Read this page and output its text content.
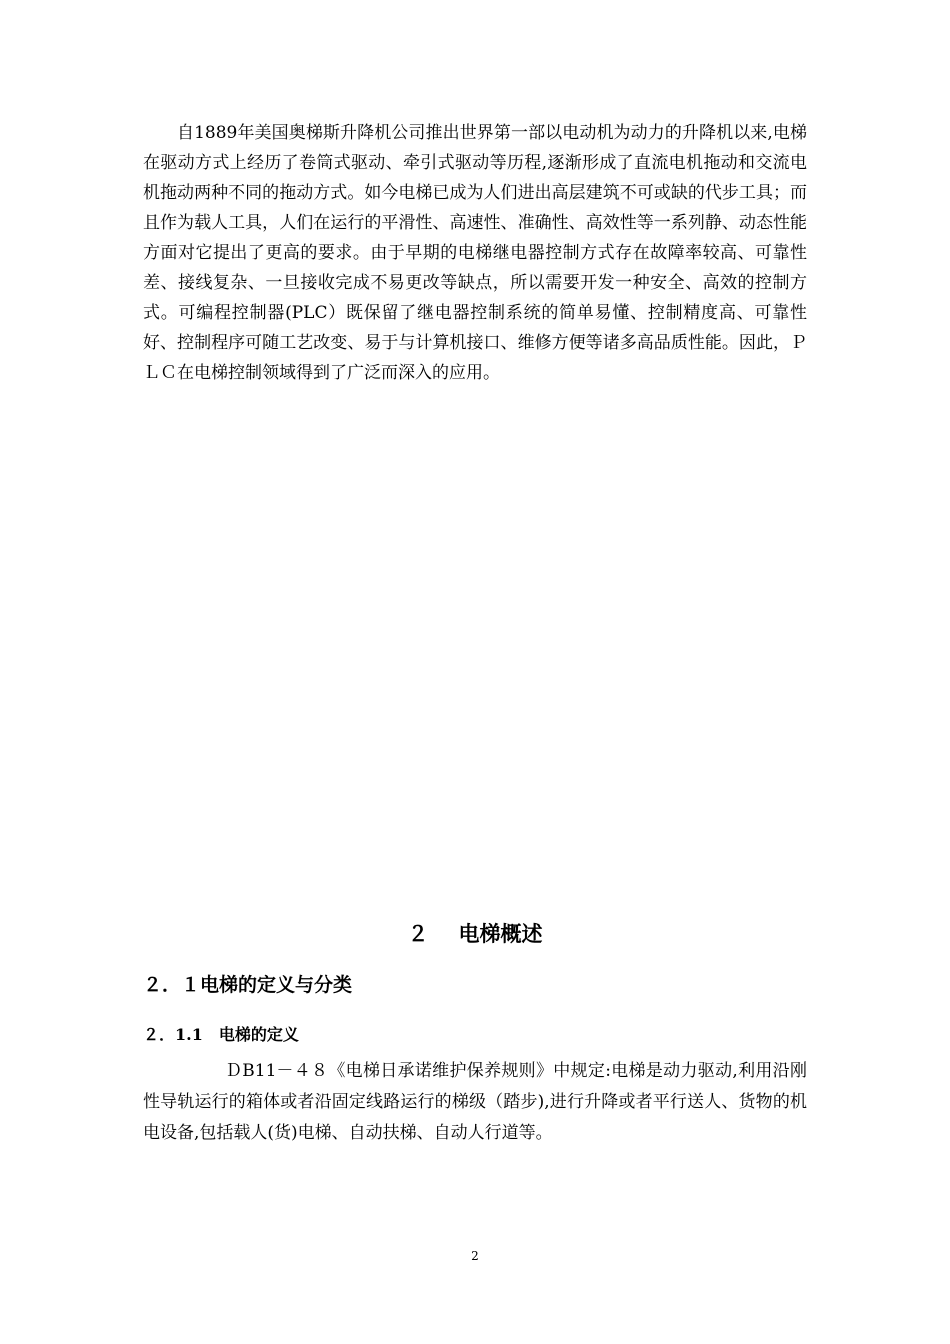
自1889年美国奥梯斯升降机公司推出世界第一部以电动机为动力的升降机以来,电梯在驱动方式上经历了卷筒式驱动、牵引式驱动等历程,逐渐形成了直流电机拖动和交流电机拖动两种不同的拖动方式。如今电梯已成为人们进出高层建筑不可或缺的代步工具；而且作为载人工具，人们在运行的平滑性、高速性、准确性、高效性等一系列静、动态性能方面对它提出了更高的要求。由于早期的电梯继电器控制方式存在故障率较高、可靠性差、接线复杂、一旦接收完成不易更改等缺点，所以需要开发一种安全、高效的控制方式。可编程控制器(PLC）既保留了继电器控制系统的简单易懂、控制精度高、可靠性好、控制程序可随工艺改变、易于与计算机接口、维修方便等诸多高品质性能。因此，ＰＬＣ在电梯控制领域得到了广泛而深入的应用。

２ 电梯概述
２．１电梯的定义与分类
２．1.1 电梯的定义

ＤB11－４８《电梯日承诺维护保养规则》中规定:电梯是动力驱动,利用沿刚性导轨运行的箱体或者沿固定线路运行的梯级（踏步),进行升降或者平行送人、货物的机电设备,包括载人(货)电梯、自动扶梯、自动人行道等。

2
